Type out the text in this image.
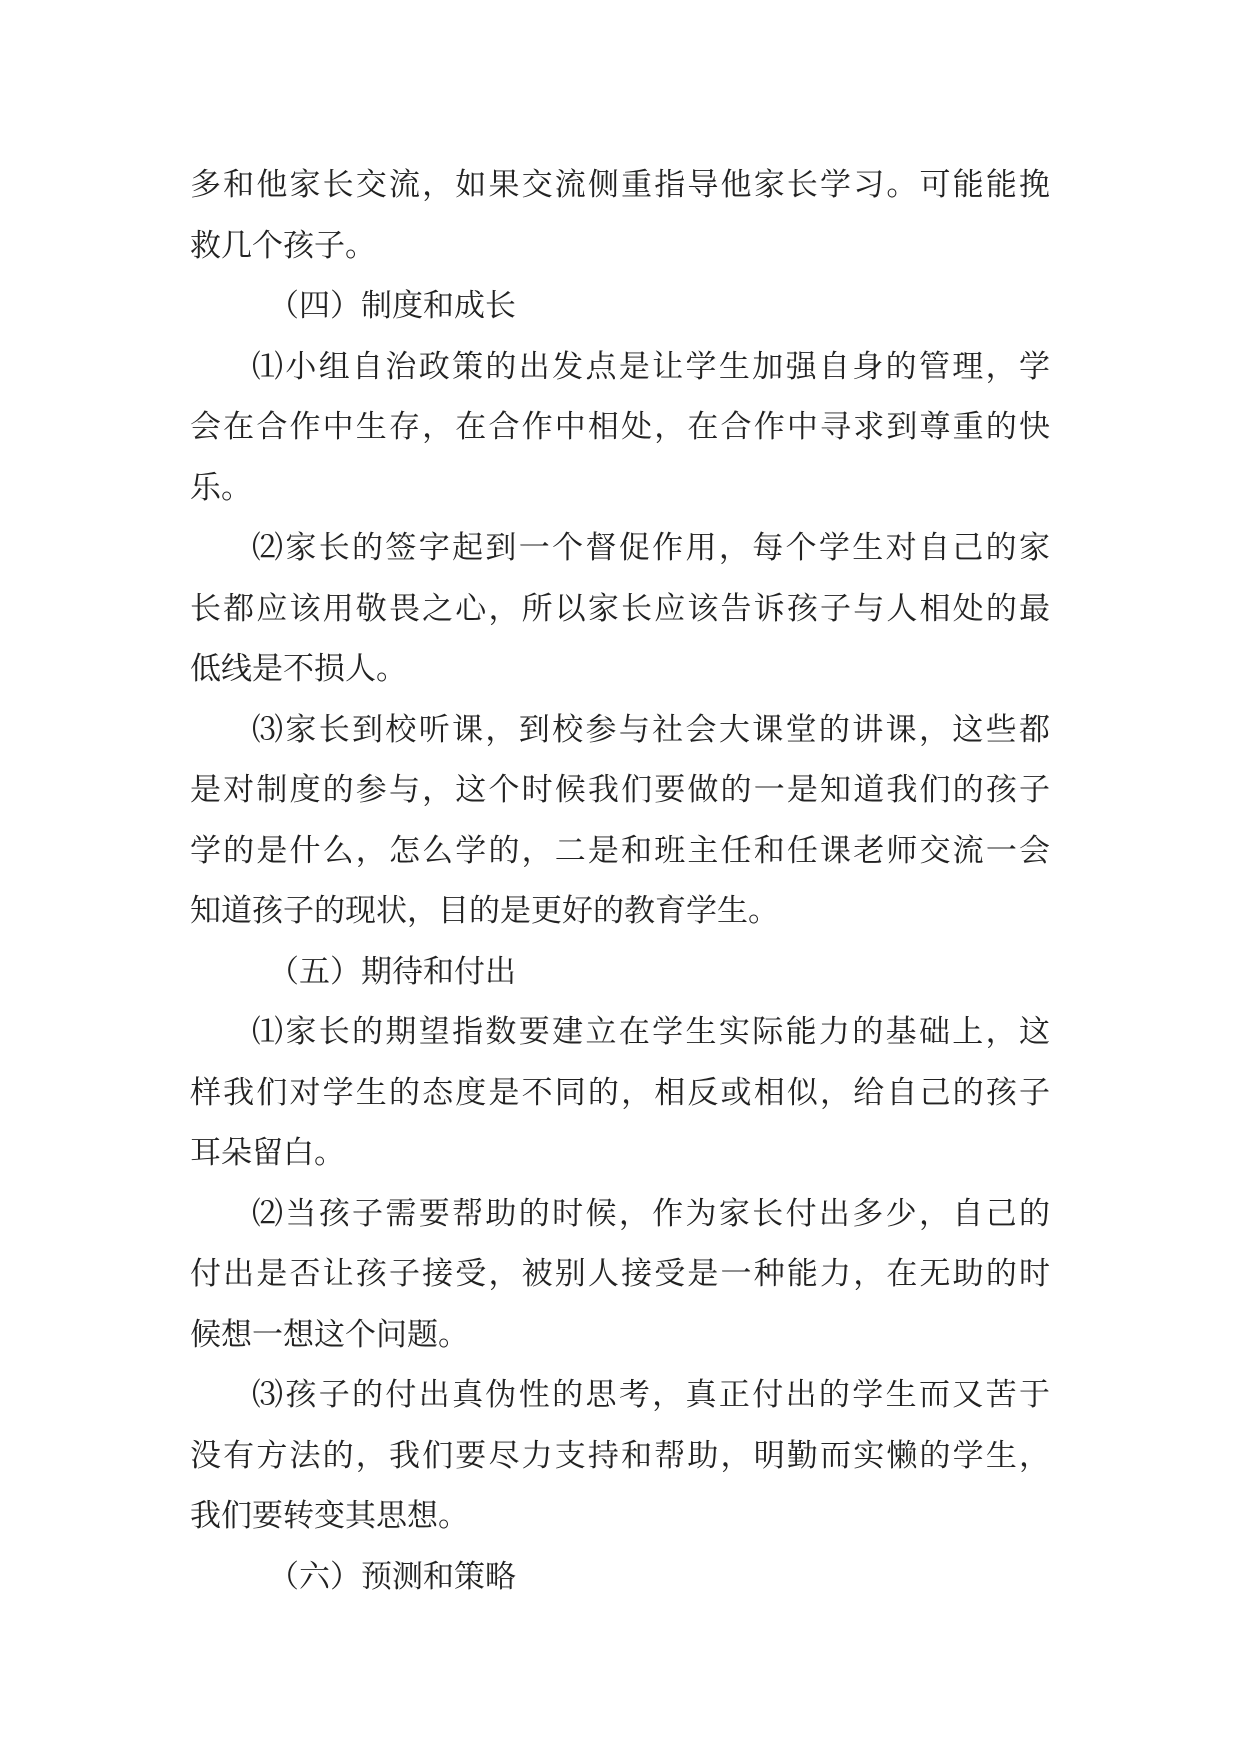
多和他家长交流，如果交流侧重指导他家长学习。可能能挽
救几个孩子。
（四）制度和成长
⑴小组自治政策的出发点是让学生加强自身的管理，学
会在合作中生存，在合作中相处，在合作中寻求到尊重的快
乐。
⑵家长的签字起到一个督促作用，每个学生对自己的家
长都应该用敬畏之心，所以家长应该告诉孩子与人相处的最
低线是不损人。
⑶家长到校听课，到校参与社会大课堂的讲课，这些都
是对制度的参与，这个时候我们要做的一是知道我们的孩子
学的是什么，怎么学的，二是和班主任和任课老师交流一会
知道孩子的现状，目的是更好的教育学生。
（五）期待和付出
⑴家长的期望指数要建立在学生实际能力的基础上，这
样我们对学生的态度是不同的，相反或相似，给自己的孩子
耳朵留白。
⑵当孩子需要帮助的时候，作为家长付出多少，自己的
付出是否让孩子接受，被别人接受是一种能力，在无助的时
候想一想这个问题。
⑶孩子的付出真伪性的思考，真正付出的学生而又苦于
没有方法的，我们要尽力支持和帮助，明勤而实懒的学生，
我们要转变其思想。
（六）预测和策略
